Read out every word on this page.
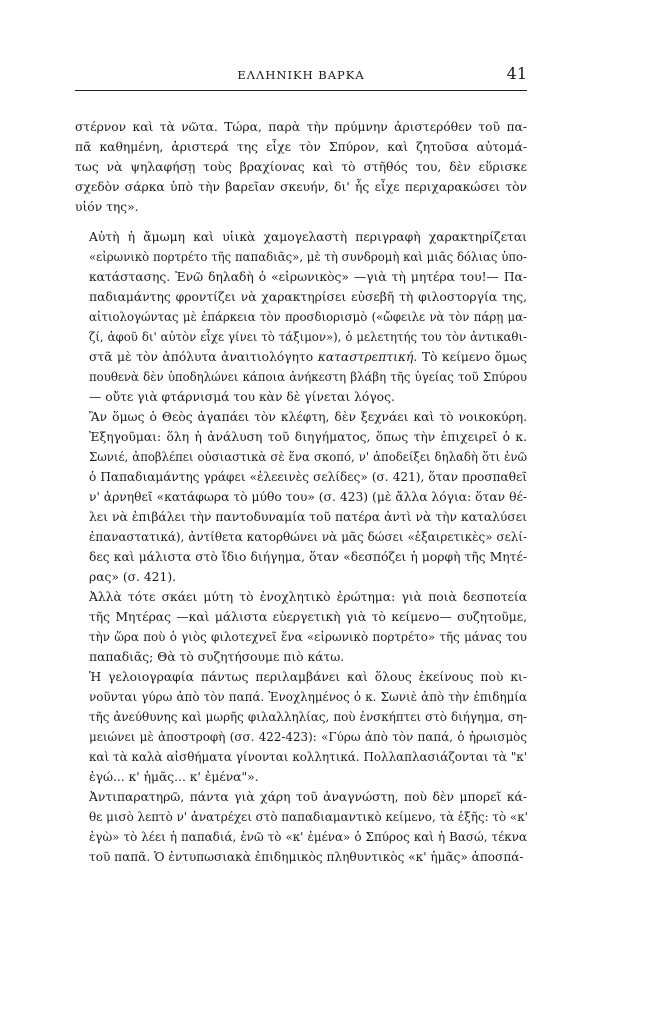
ΕΛΛΗΝΙΚΗ ΒΑΡΚΑ	41
στέρνον καὶ τὰ νῶτα. Τώρα, παρὰ τὴν πρύμνην ἀριστερόθεν τοῦ πα-
πᾶ καθημένη, ἀριστερά της εἶχε τὸν Σπύρον, καὶ ζητοῦσα αὐτομά-
τως νὰ ψηλαφήσῃ τοὺς βραχίονας καὶ τὸ στῆθός του, δὲν εὕρισκε
σχεδὸν σάρκα ὑπὸ τὴν βαρεῖαν σκευήν, δι' ἧς εἶχε περιχαρακώσει τὸν
υἱόν της».
Αὐτὴ ἡ ἄμωμη καὶ υἱικὰ χαμογελαστὴ περιγραφὴ χαρακτηρίζεται
«εἰρωνικὸ πορτρέτο τῆς παπαδιᾶς», μὲ τὴ συνδρομὴ καὶ μιᾶς δόλιας ὑπο-
κατάστασης. Ἐνῶ δηλαδὴ ὁ «εἰρωνικὸς» —γιὰ τὴ μητέρα του!— Πα-
παδιαμάντης φροντίζει νὰ χαρακτηρίσει εὐσεβῆ τὴ φιλοστοργία της,
αἰτιολογώντας μὲ ἐπάρκεια τὸν προσδιορισμὸ («ὤφειλε νὰ τὸν πάρῃ μα-
ζί, ἀφοῦ δι' αὐτὸν εἶχε γίνει τὸ τάξιμον»), ὁ μελετητής του τὸν ἀντικαθι-
στᾶ μὲ τὸν ἀπόλυτα ἀναιτιολόγητο καταστρεπτική. Τὸ κείμενο ὅμως
πουθενὰ δὲν ὑποδηλώνει κάποια ἀνήκεστη βλάβη τῆς ὑγείας τοῦ Σπύρου
— οὔτε γιὰ φτάρνισμά του κὰν δὲ γίνεται λόγος.
Ἂν ὅμως ὁ Θεὸς ἀγαπάει τὸν κλέφτη, δὲν ξεχνάει καὶ τὸ νοικοκύρη.
Ἐξηγοῦμαι: ὅλη ἡ ἀνάλυση τοῦ διηγήματος, ὅπως τὴν ἐπιχειρεῖ ὁ κ.
Σωνιέ, ἀποβλέπει οὐσιαστικὰ σὲ ἕνα σκοπό, ν' ἀποδείξει δηλαδὴ ὅτι ἐνῶ
ὁ Παπαδιαμάντης γράφει «ἐλεεινὲς σελίδες» (σ. 421), ὅταν προσπαθεῖ
ν' ἀρνηθεῖ «κατάφωρα τὸ μύθο του» (σ. 423) (μὲ ἄλλα λόγια: ὅταν θέ-
λει νὰ ἐπιβάλει τὴν παντοδυναμία τοῦ πατέρα ἀντὶ νὰ τὴν καταλύσει
ἐπαναστατικά), ἀντίθετα κατορθώνει νὰ μᾶς δώσει «ἐξαιρετικὲς» σελί-
δες καὶ μάλιστα στὸ ἴδιο διήγημα, ὅταν «δεσπόζει ἡ μορφὴ τῆς Μητέ-
ρας» (σ. 421).
Ἀλλὰ τότε σκάει μύτη τὸ ἐνοχλητικὸ ἐρώτημα: γιὰ ποιὰ δεσποτεία
τῆς Μητέρας —καὶ μάλιστα εὐεργετικὴ γιὰ τὸ κείμενο— συζητοῦμε,
τὴν ὥρα ποὺ ὁ γιὸς φιλοτεχνεῖ ἕνα «εἰρωνικὸ πορτρέτο» τῆς μάνας του
παπαδιᾶς; Θὰ τὸ συζητήσουμε πιὸ κάτω.
Ἡ γελοιογραφία πάντως περιλαμβάνει καὶ ὅλους ἐκείνους ποὺ κι-
νοῦνται γύρω ἀπὸ τὸν παπά. Ἐνοχλημένος ὁ κ. Σωνιὲ ἀπὸ τὴν ἐπιδημία
τῆς ἀνεύθυνης καὶ μωρῆς φιλαλληλίας, ποὺ ἐνσκήπτει στὸ διήγημα, ση-
μειώνει μὲ ἀποστροφὴ (σσ. 422-423): «Γύρω ἀπὸ τὸν παπά, ὁ ἡρωισμὸς
καὶ τὰ καλὰ αἰσθήματα γίνονται κολλητικά. Πολλαπλασιάζονται τὰ "κ'
ἐγώ... κ' ἡμᾶς... κ' ἐμένα"».
Ἀντιπαρατηρῶ, πάντα γιὰ χάρη τοῦ ἀναγνώστη, ποὺ δὲν μπορεῖ κά-
θε μισὸ λεπτὸ ν' ἀνατρέχει στὸ παπαδιαμαντικὸ κείμενο, τὰ ἑξῆς: τὸ «κ'
ἐγὼ» τὸ λέει ἡ παπαδιά, ἐνῶ τὸ «κ' ἐμένα» ὁ Σπύρος καὶ ἡ Βασώ, τέκνα
τοῦ παπᾶ. Ὁ ἐντυπωσιακὰ ἐπιδημικὸς πληθυντικὸς «κ' ἡμᾶς» ἀποσπά-
